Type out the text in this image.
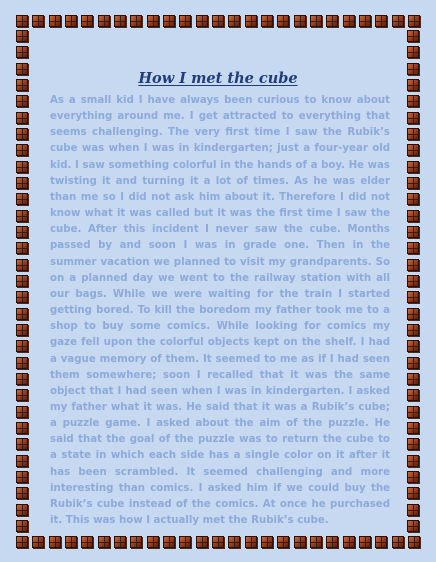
How I met the cube

As a small kid I have always been curious to know about everything around me. I get attracted to everything that seems challenging. The very first time I saw the Rubik’s cube was when I was in kindergarten; just a four-year old kid. I saw something colorful in the hands of a boy. He was twisting it and turning it a lot of times. As he was elder than me so I did not ask him about it. Therefore I did not know what it was called but it was the first time I saw the cube. After this incident I never saw the cube. Months passed by and soon I was in grade one. Then in the summer vacation we planned to visit my grandparents. So on a planned day we went to the railway station with all our bags. While we were waiting for the train I started getting bored. To kill the boredom my father took me to a shop to buy some comics. While looking for comics my gaze fell upon the colorful objects kept on the shelf. I had a vague memory of them. It seemed to me as if I had seen them somewhere; soon I recalled that it was the same object that I had seen when I was in kindergarten. I asked my father what it was. He said that it was a Rubik’s cube; a puzzle game. I asked about the aim of the puzzle. He said that the goal of the puzzle was to return the cube to a state in which each side has a single color on it after it has been scrambled. It seemed challenging and more interesting than comics. I asked him if we could buy the Rubik’s cube instead of the comics. At once he purchased it. This was how I actually met the Rubik’s cube.
